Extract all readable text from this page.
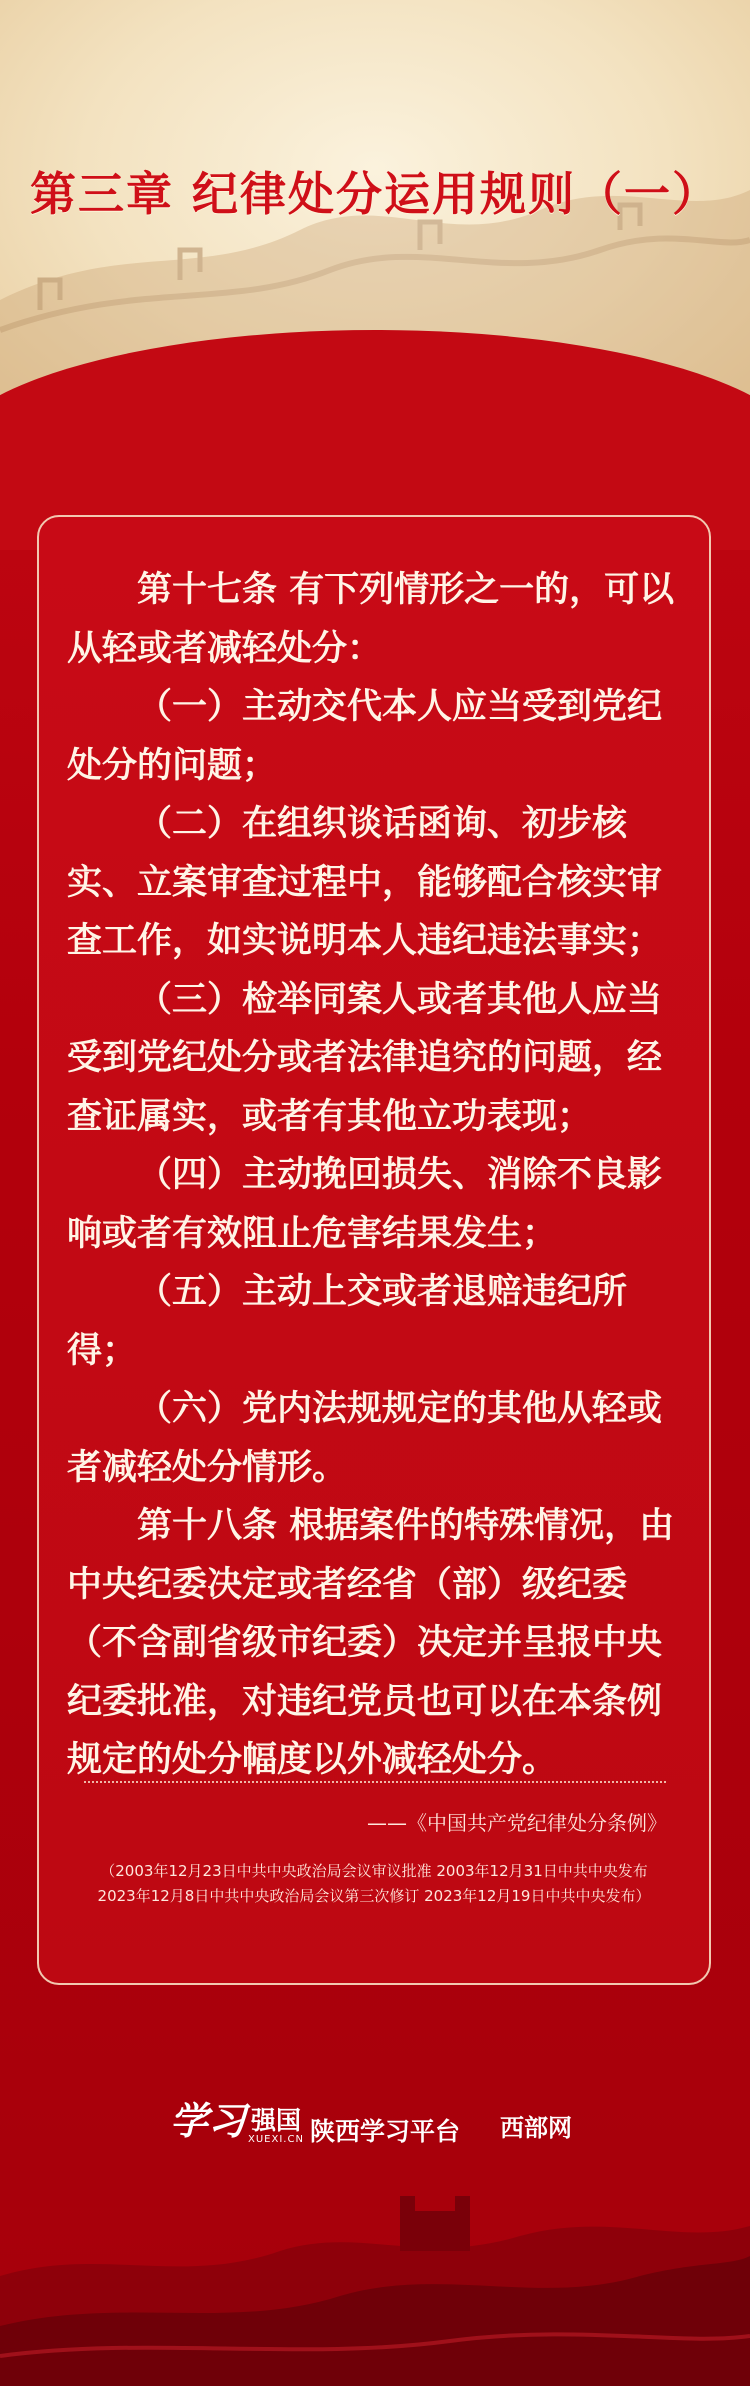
第三章 纪律处分运用规则（一）

第十七条 有下列情形之一的，可以从轻或者减轻处分：

（一）主动交代本人应当受到党纪处分的问题；

（二）在组织谈话函询、初步核实、立案审查过程中，能够配合核实审查工作，如实说明本人违纪违法事实；

（三）检举同案人或者其他人应当受到党纪处分或者法律追究的问题，经查证属实，或者有其他立功表现；

（四）主动挽回损失、消除不良影响或者有效阻止危害结果发生；

（五）主动上交或者退赔违纪所得；

（六）党内法规规定的其他从轻或者减轻处分情形。

第十八条 根据案件的特殊情况，由中央纪委决定或者经省（部）级纪委（不含副省级市纪委）决定并呈报中央纪委批准，对违纪党员也可以在本条例规定的处分幅度以外减轻处分。

——《中国共产党纪律处分条例》
（2003年12月23日中共中央政治局会议审议批准 2003年12月31日中共中央发布
2023年12月8日中共中央政治局会议第三次修订 2023年12月19日中共中央发布）
学习 强国
XUEXI.CN 陕西学习平台 西部网
